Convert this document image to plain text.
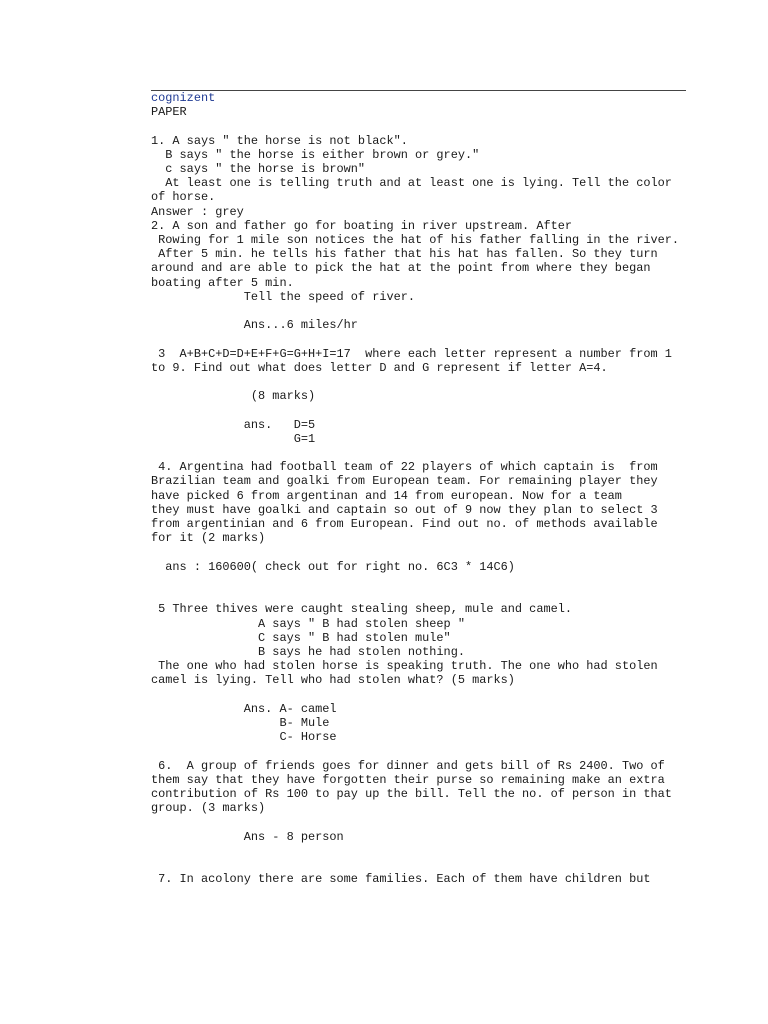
cognizent
PAPER

1. A says " the horse is not black".
B says " the horse is either brown or grey."
c says " the horse is brown"
At least one is telling truth and at least one is lying. Tell the color
of horse.
Answer : grey
2. A son and father go for boating in river upstream. After
Rowing for 1 mile son notices the hat of his father falling in the river.
After 5 min. he tells his father that his hat has fallen. So they turn
around and are able to pick the hat at the point from where they began
boating after 5 min.
Tell the speed of river.

Ans...6 miles/hr

3  A+B+C+D=D+E+F+G=G+H+I=17  where each letter represent a number from 1
to 9. Find out what does letter D and G represent if letter A=4.

(8 marks)

ans.   D=5
G=1

4. Argentina had football team of 22 players of which captain is  from
Brazilian team and goalki from European team. For remaining player they
have picked 6 from argentinan and 14 from european. Now for a team
they must have goalki and captain so out of 9 now they plan to select 3
from argentinian and 6 from European. Find out no. of methods available
for it (2 marks)

ans : 160600( check out for right no. 6C3 * 14C6)

5 Three thives were caught stealing sheep, mule and camel.
A says " B had stolen sheep "
C says " B had stolen mule"
B says he had stolen nothing.
The one who had stolen horse is speaking truth. The one who had stolen
camel is lying. Tell who had stolen what? (5 marks)

Ans. A- camel
B- Mule
C- Horse

6.  A group of friends goes for dinner and gets bill of Rs 2400. Two of
them say that they have forgotten their purse so remaining make an extra
contribution of Rs 100 to pay up the bill. Tell the no. of person in that
group. (3 marks)

Ans - 8 person

7. In acolony there are some families. Each of them have children but
